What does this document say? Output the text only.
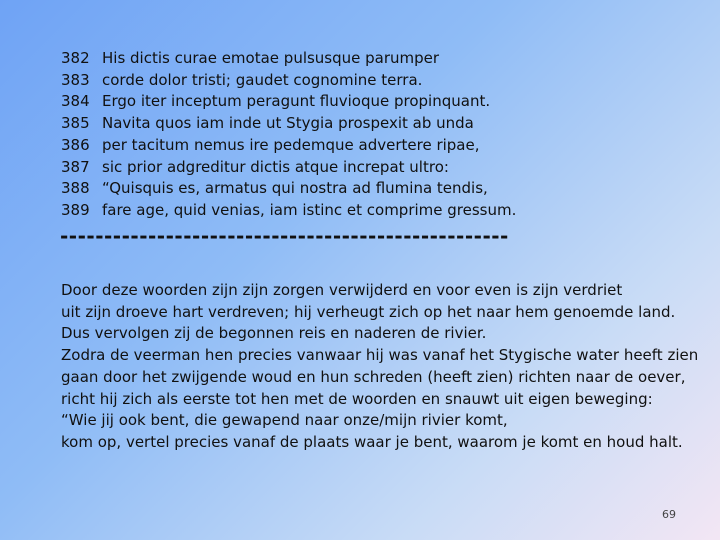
382 His dictis curae emotae pulsusque parumper
383 corde dolor tristi; gaudet cognomine terra.
384 Ergo iter inceptum peragunt fluvioque propinquant.
385 Navita quos iam inde ut Stygia prospexit ab unda
386 per tacitum nemus ire pedemque advertere ripae,
387 sic prior adgreditur dictis atque increpat ultro:
388 “Quisquis es, armatus qui nostra ad flumina tendis,
389 fare age, quid venias, iam istinc et comprime gressum.
---------------------------------------------------
Door deze woorden zijn zijn zorgen verwijderd en voor even is zijn verdriet
uit zijn droeve hart verdreven; hij verheugt zich op het naar hem genoemde land.
Dus vervolgen zij de begonnen reis en naderen de rivier.
Zodra de veerman hen precies vanwaar hij was vanaf het Stygische water heeft zien
gaan door het zwijgende woud en hun schreden (heeft zien) richten naar de oever,
richt hij zich als eerste tot hen met de woorden en snauwt uit eigen beweging:
“Wie jij ook bent, die gewapend naar onze/mijn rivier komt,
kom op, vertel precies vanaf de plaats waar je bent, waarom je komt en houd halt.
69
